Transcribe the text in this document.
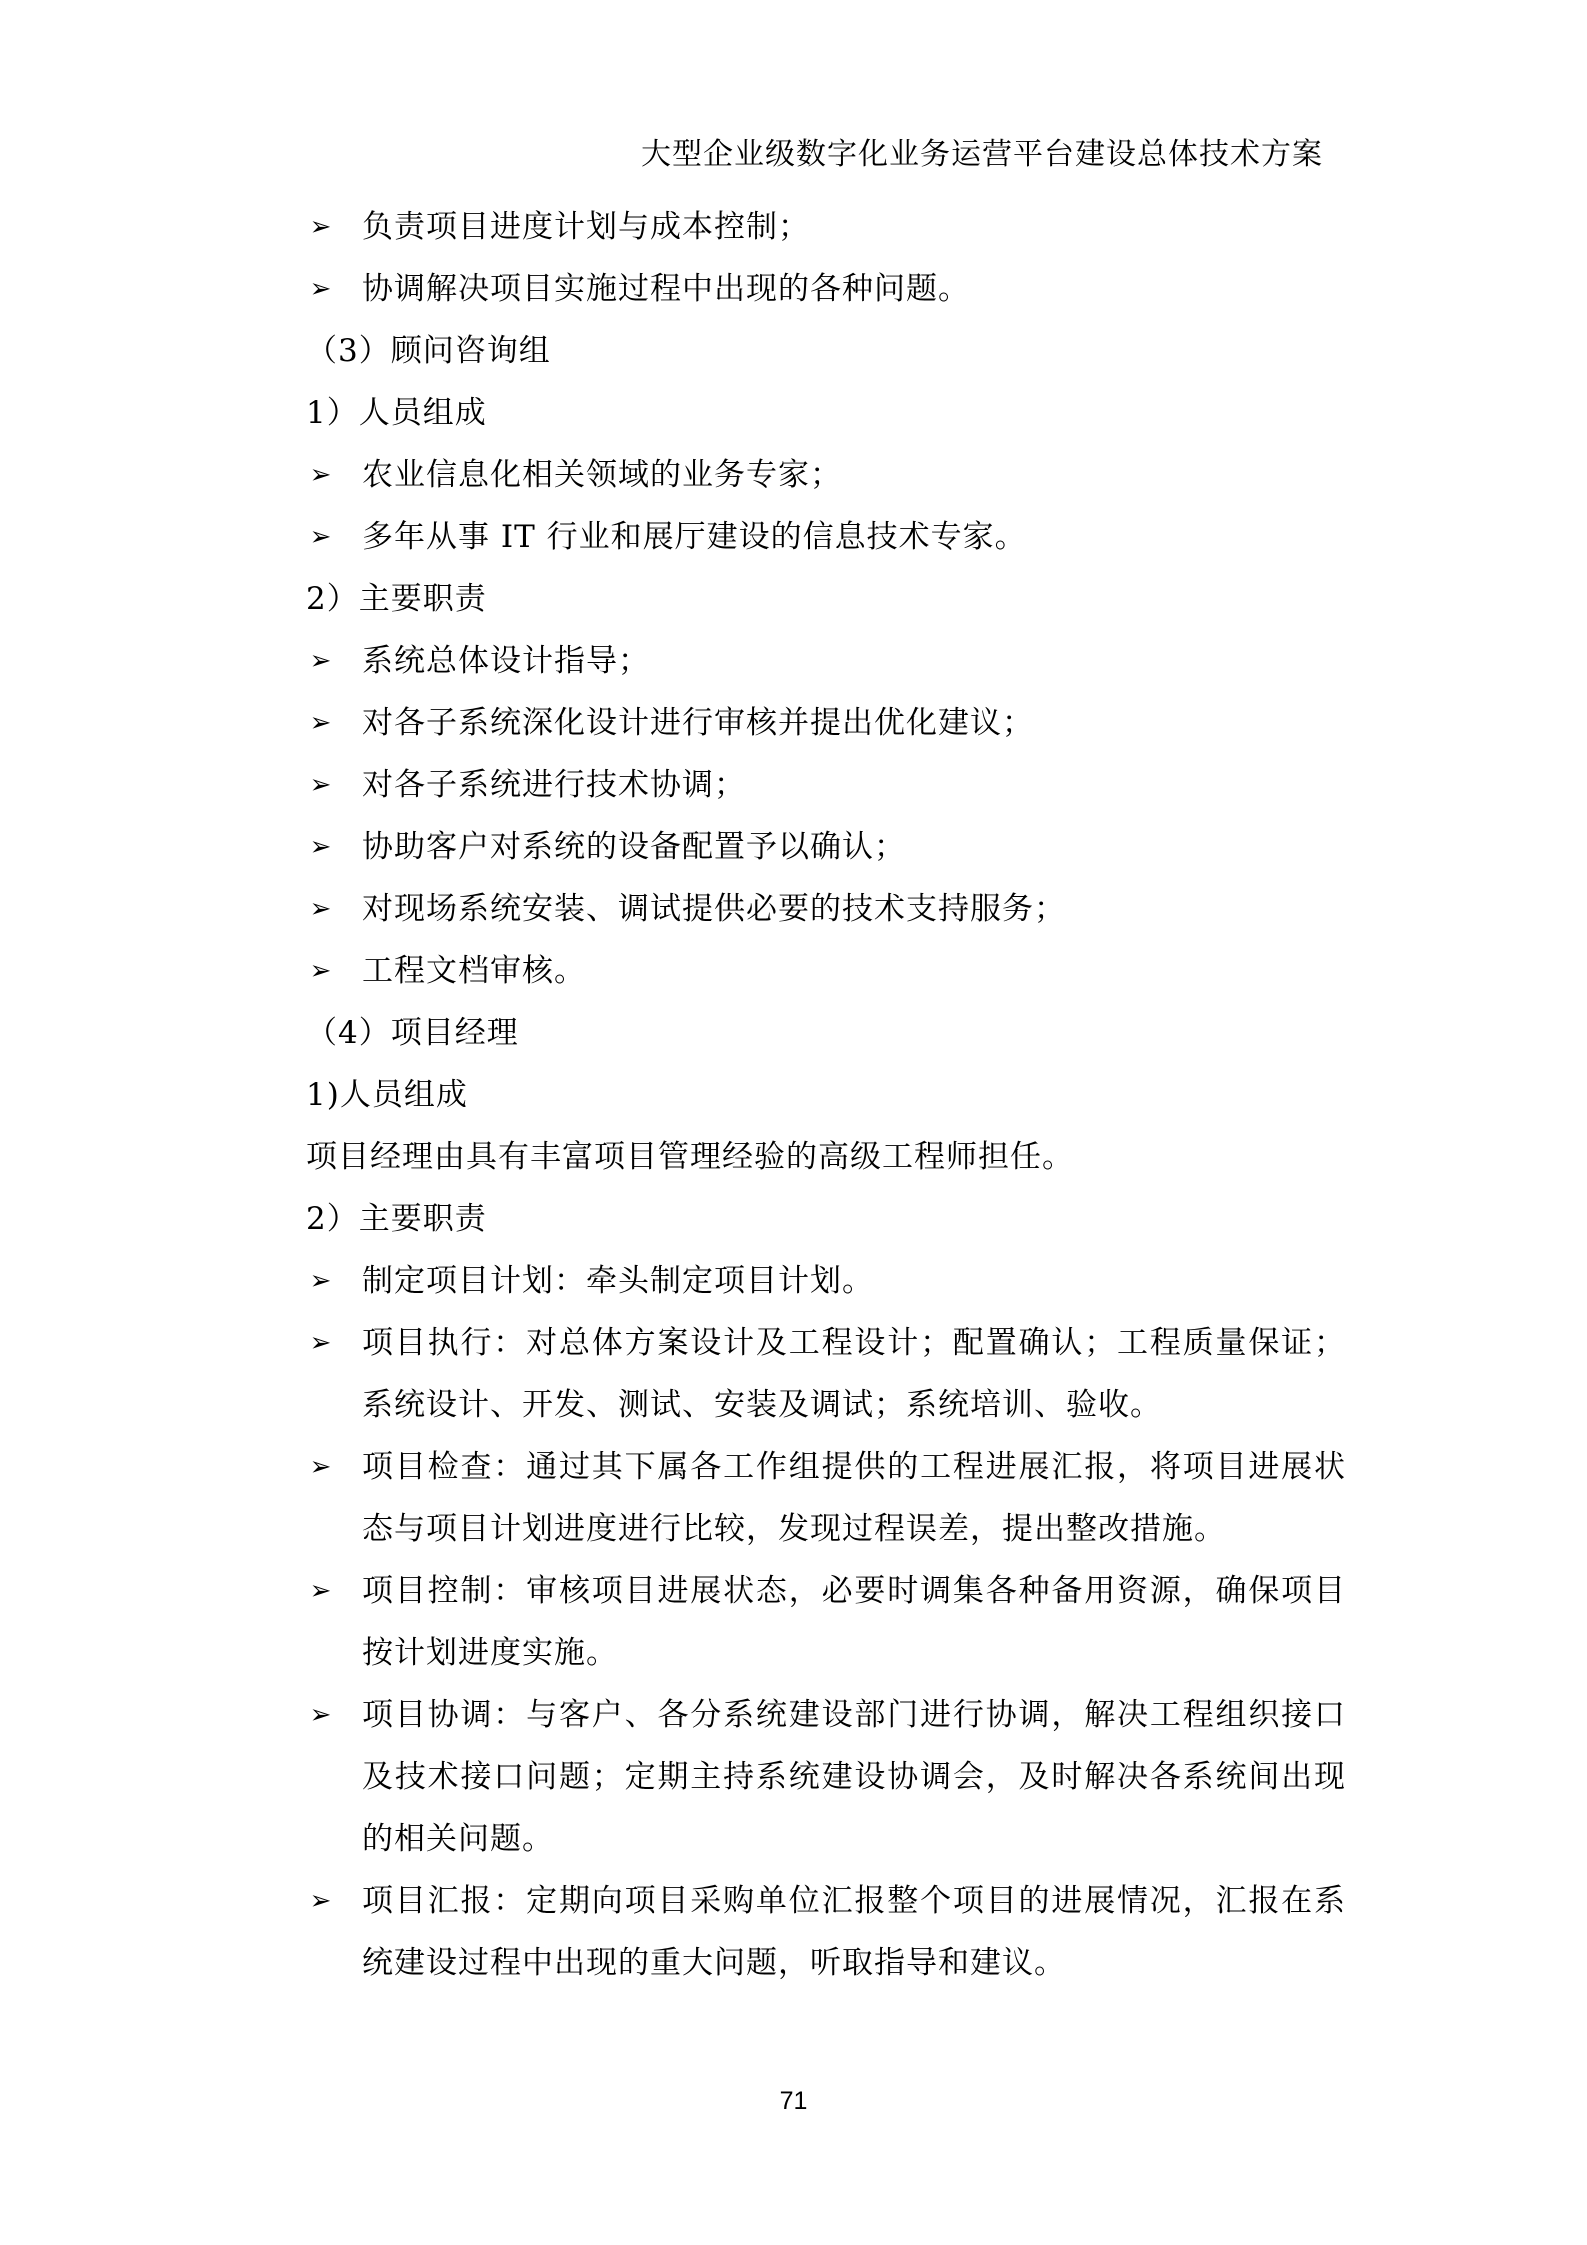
大型企业级数字化业务运营平台建设总体技术方案
➢ 负责项目进度计划与成本控制；
➢ 协调解决项目实施过程中出现的各种问题。
（3）顾问咨询组
1）人员组成
➢ 农业信息化相关领域的业务专家；
➢ 多年从事 IT 行业和展厅建设的信息技术专家。
2）主要职责
➢ 系统总体设计指导；
➢ 对各子系统深化设计进行审核并提出优化建议；
➢ 对各子系统进行技术协调；
➢ 协助客户对系统的设备配置予以确认；
➢ 对现场系统安装、调试提供必要的技术支持服务；
➢ 工程文档审核。
（4）项目经理
1)人员组成
项目经理由具有丰富项目管理经验的高级工程师担任。
2）主要职责
➢ 制定项目计划：牵头制定项目计划。
➢ 项目执行：对总体方案设计及工程设计；配置确认；工程质量保证；系统设计、开发、测试、安装及调试；系统培训、验收。
➢ 项目检查：通过其下属各工作组提供的工程进展汇报，将项目进展状态与项目计划进度进行比较，发现过程误差，提出整改措施。
➢ 项目控制：审核项目进展状态，必要时调集各种备用资源，确保项目按计划进度实施。
➢ 项目协调：与客户、各分系统建设部门进行协调，解决工程组织接口及技术接口问题；定期主持系统建设协调会，及时解决各系统间出现的相关问题。
➢ 项目汇报：定期向项目采购单位汇报整个项目的进展情况，汇报在系统建设过程中出现的重大问题，听取指导和建议。
71
